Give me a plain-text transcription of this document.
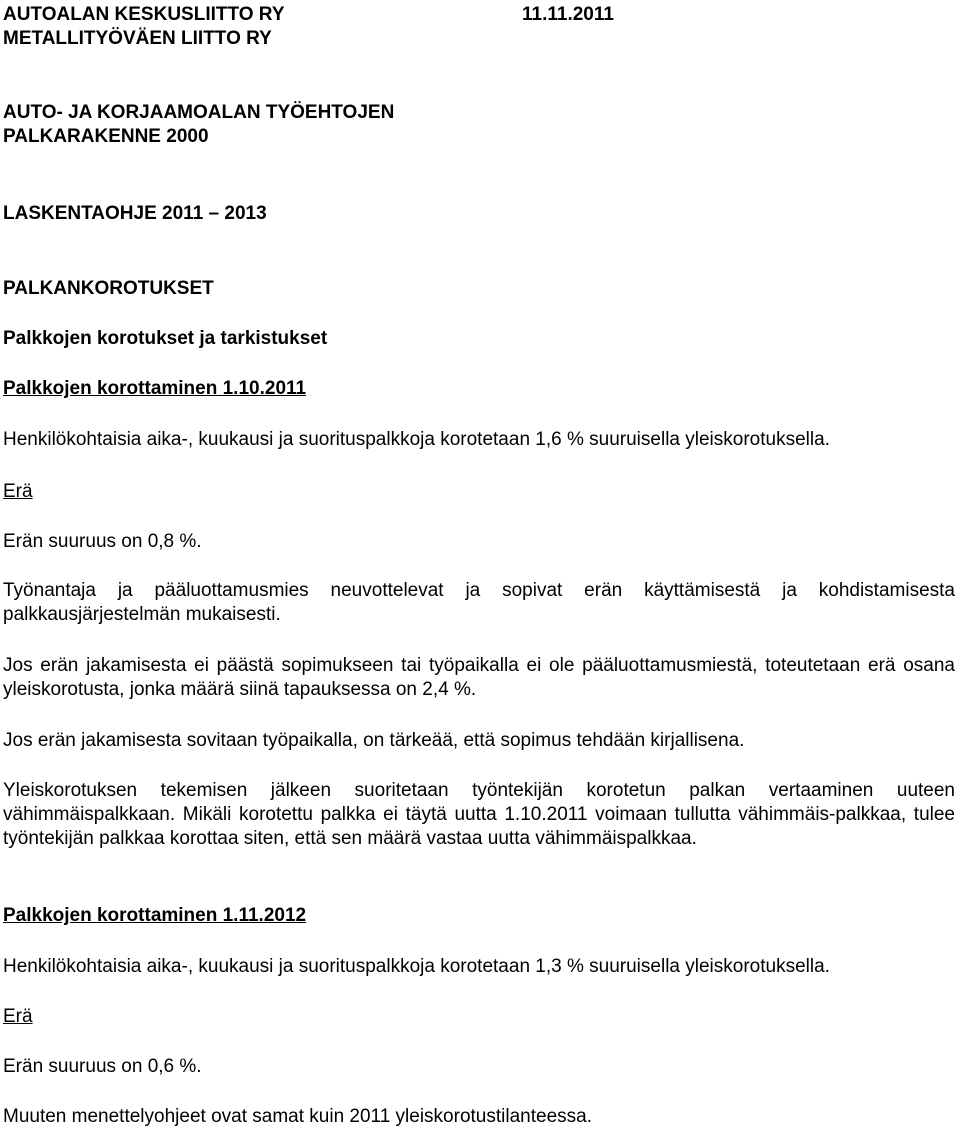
AUTOALAN KESKUSLIITTO RY	11.11.2011
METALLITYÖVÄEN LIITTO RY
AUTO- JA KORJAAMOALAN TYÖEHTOJEN
PALKARAKENNE 2000
LASKENTAOHJE 2011 – 2013
PALKANKOROTUKSET
Palkkojen korotukset ja tarkistukset
Palkkojen korottaminen 1.10.2011
Henkilökohtaisia aika-, kuukausi ja suorituspalkkoja korotetaan 1,6 % suuruisella yleiskorotuksella.
Erä
Erän suuruus on 0,8 %.
Työnantaja ja pääluottamusmies neuvottelevat ja sopivat erän käyttämisestä ja kohdistamisesta palkkausjärjestelmän mukaisesti.
Jos erän jakamisesta ei päästä sopimukseen tai työpaikalla ei ole pääluottamusmiestä, toteutetaan erä osana yleiskorotusta, jonka määrä siinä tapauksessa on 2,4 %.
Jos erän jakamisesta sovitaan työpaikalla, on tärkeää, että sopimus tehdään kirjallisena.
Yleiskorotuksen tekemisen jälkeen suoritetaan työntekijän korotetun palkan vertaaminen uuteen vähimmäispalkkaan. Mikäli korotettu palkka ei täytä uutta 1.10.2011 voimaan tullutta vähimmäis-palkkaa, tulee työntekijän palkkaa korottaa siten, että sen määrä vastaa uutta vähimmäispalkkaa.
Palkkojen korottaminen 1.11.2012
Henkilökohtaisia aika-, kuukausi ja suorituspalkkoja korotetaan 1,3 % suuruisella yleiskorotuksella.
Erä
Erän suuruus on 0,6 %.
Muuten menettelyohjeet ovat samat kuin 2011 yleiskorotustilanteessa.
